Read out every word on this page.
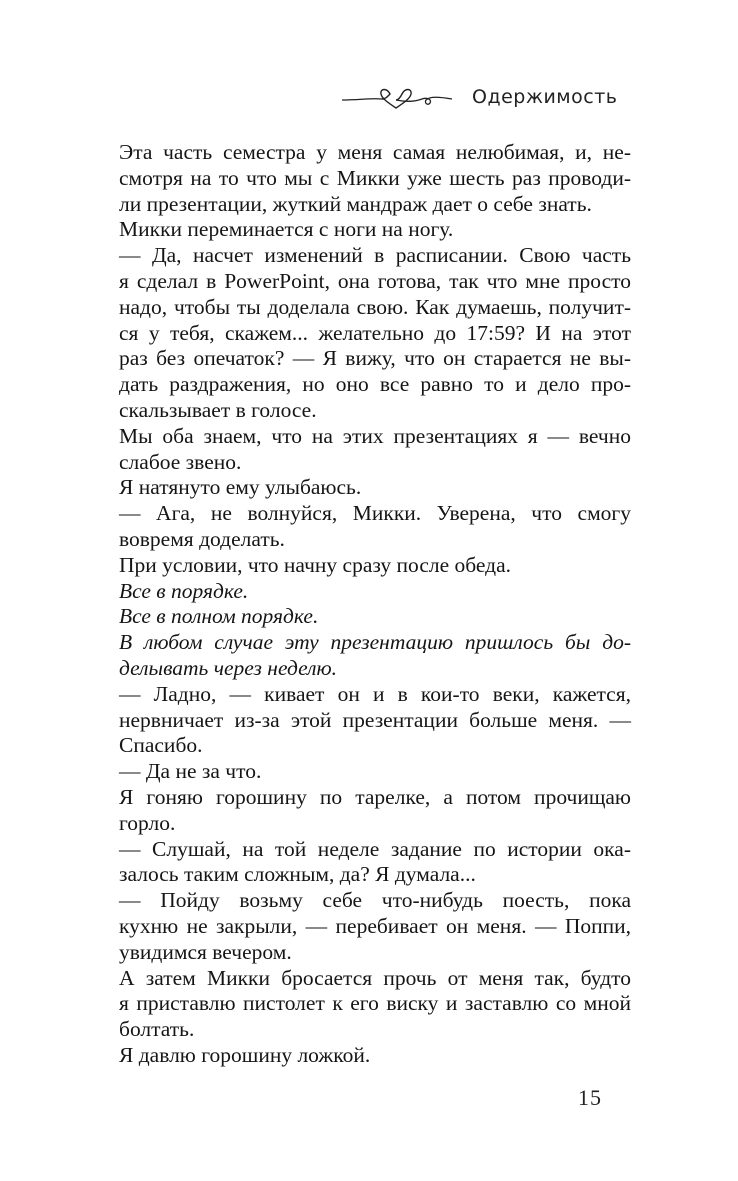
Одержимость

Эта часть семестра у меня самая нелюбимая, и, не-
смотря на то что мы с Микки уже шесть раз проводи-
ли презентации, жуткий мандраж дает о себе знать.

Микки переминается с ноги на ногу.

— Да, насчет изменений в расписании. Свою часть
я сделал в PowerPoint, она готова, так что мне просто
надо, чтобы ты доделала свою. Как думаешь, получит-
ся у тебя, скажем... желательно до 17:59? И на этот
раз без опечаток? — Я вижу, что он старается не вы-
дать раздражения, но оно все равно то и дело про-
скальзывает в голосе.

Мы оба знаем, что на этих презентациях я — вечно
слабое звено.

Я натянуто ему улыбаюсь.

— Ага, не волнуйся, Микки. Уверена, что смогу
вовремя доделать.

При условии, что начну сразу после обеда.

Все в порядке.

Все в полном порядке.

В любом случае эту презентацию пришлось бы до-
делывать через неделю.

— Ладно, — кивает он и в кои-то веки, кажется,
нервничает из-за этой презентации больше меня. —
Спасибо.

— Да не за что.

Я гоняю горошину по тарелке, а потом прочищаю
горло.

— Слушай, на той неделе задание по истории ока-
залось таким сложным, да? Я думала...

— Пойду возьму себе что-нибудь поесть, пока
кухню не закрыли, — перебивает он меня. — Поппи,
увидимся вечером.

А затем Микки бросается прочь от меня так, будто
я приставлю пистолет к его виску и заставлю со мной
болтать.

Я давлю горошину ложкой.

15
